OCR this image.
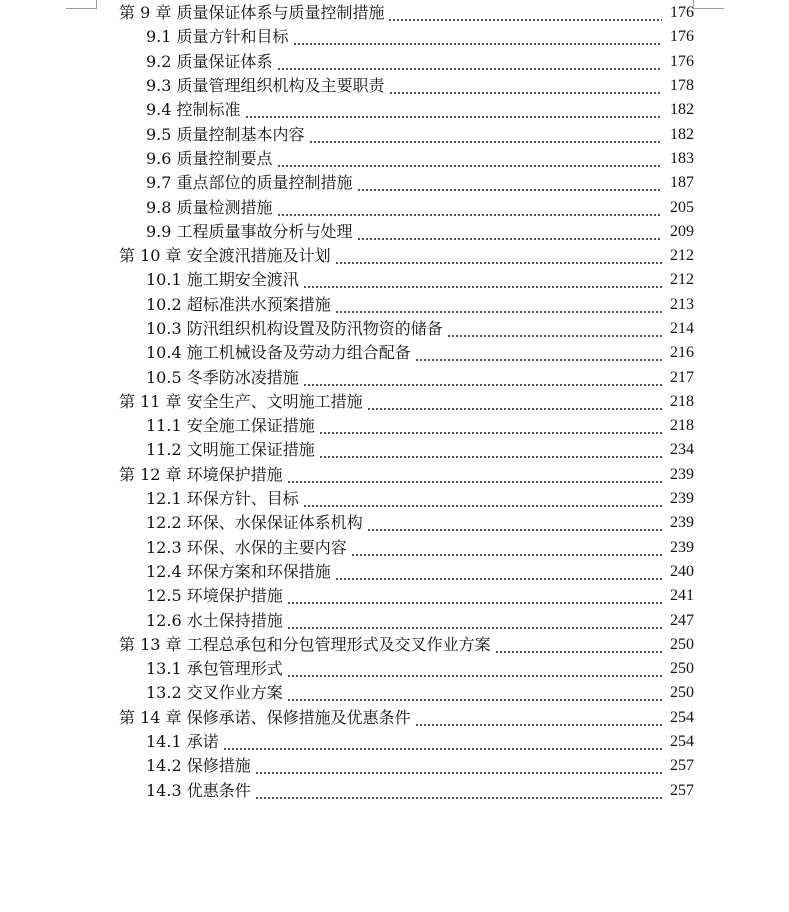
第 9 章 质量保证体系与质量控制措施	176
9.1 质量方针和目标	176
9.2 质量保证体系	176
9.3 质量管理组织机构及主要职责	178
9.4 控制标准	182
9.5 质量控制基本内容	182
9.6 质量控制要点	183
9.7 重点部位的质量控制措施	187
9.8 质量检测措施	205
9.9 工程质量事故分析与处理	209
第 10 章 安全渡汛措施及计划	212
10.1 施工期安全渡汛	212
10.2 超标准洪水预案措施	213
10.3 防汛组织机构设置及防汛物资的储备	214
10.4 施工机械设备及劳动力组合配备	216
10.5 冬季防冰凌措施	217
第 11 章 安全生产、文明施工措施	218
11.1 安全施工保证措施	218
11.2 文明施工保证措施	234
第 12 章 环境保护措施	239
12.1 环保方针、目标	239
12.2 环保、水保保证体系机构	239
12.3 环保、水保的主要内容	239
12.4 环保方案和环保措施	240
12.5 环境保护措施	241
12.6 水土保持措施	247
第 13 章 工程总承包和分包管理形式及交叉作业方案	250
13.1 承包管理形式	250
13.2 交叉作业方案	250
第 14 章 保修承诺、保修措施及优惠条件	254
14.1 承诺	254
14.2 保修措施	257
14.3 优惠条件	257
